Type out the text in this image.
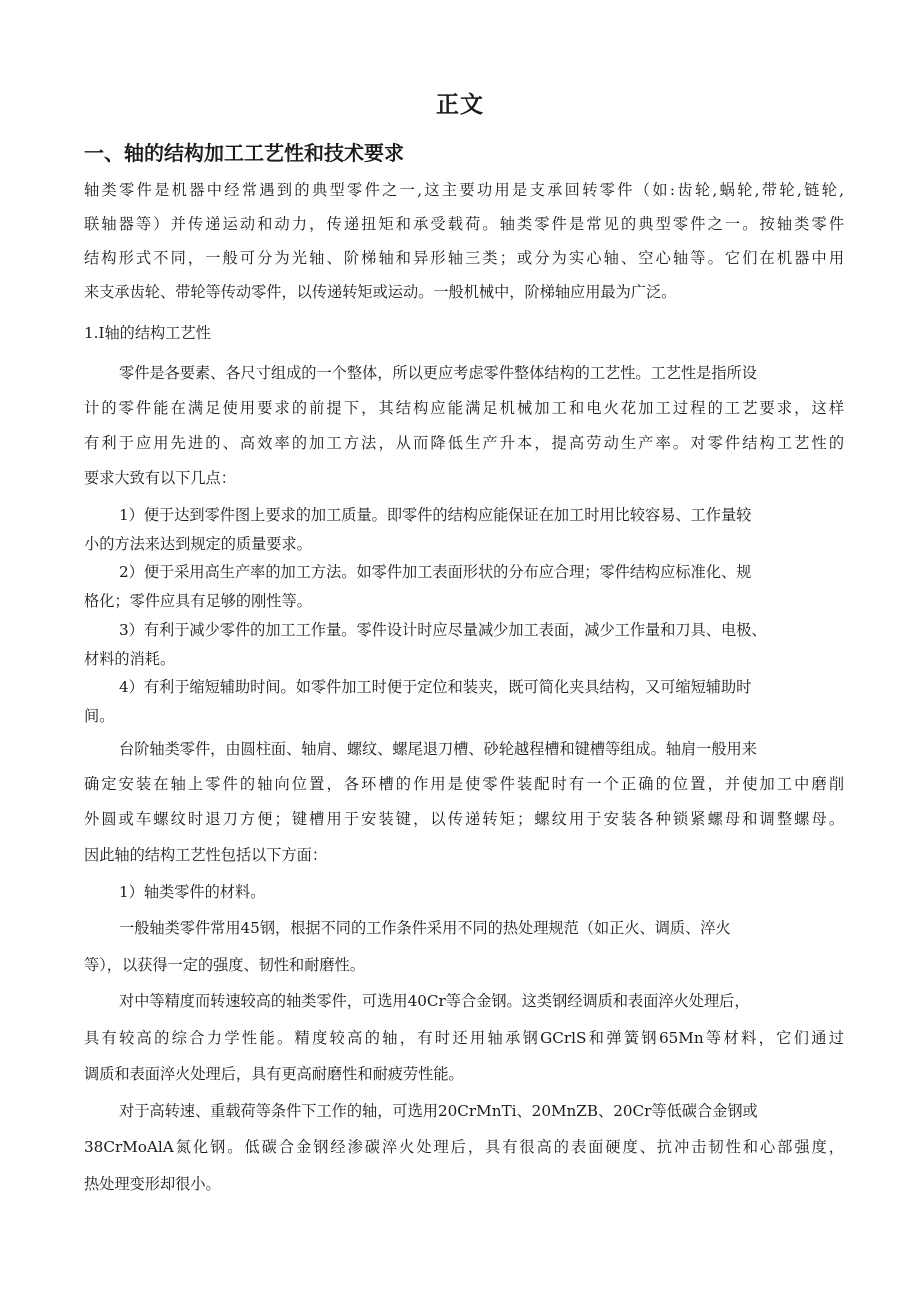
正文
一、轴的结构加工工艺性和技术要求
轴类零件是机器中经常遇到的典型零件之一,这主要功用是支承回转零件（如:齿轮,蜗轮,带轮,链轮,
联轴器等）并传递运动和动力，传递扭矩和承受载荷。轴类零件是常见的典型零件之一。按轴类零件
结构形式不同，一般可分为光轴、阶梯轴和异形轴三类；或分为实心轴、空心轴等。它们在机器中用
来支承齿轮、带轮等传动零件，以传递转矩或运动。一般机械中，阶梯轴应用最为广泛。
1.I轴的结构工艺性
零件是各要素、各尺寸组成的一个整体，所以更应考虑零件整体结构的工艺性。工艺性是指所设
计的零件能在满足使用要求的前提下，其结构应能满足机械加工和电火花加工过程的工艺要求，这样
有利于应用先进的、高效率的加工方法，从而降低生产升本，提高劳动生产率。对零件结构工艺性的
要求大致有以下几点：
1）便于达到零件图上要求的加工质量。即零件的结构应能保证在加工时用比较容易、工作量较
小的方法来达到规定的质量要求。
2）便于采用高生产率的加工方法。如零件加工表面形状的分布应合理；零件结构应标准化、规
格化；零件应具有足够的刚性等。
3）有利于减少零件的加工工作量。零件设计时应尽量减少加工表面，减少工作量和刀具、电极、
材料的消耗。
4）有利于缩短辅助时间。如零件加工时便于定位和装夹，既可简化夹具结构，又可缩短辅助时
间。
台阶轴类零件，由圆柱面、轴肩、螺纹、螺尾退刀槽、砂轮越程槽和键槽等组成。轴肩一般用来
确定安装在轴上零件的轴向位置，各环槽的作用是使零件装配时有一个正确的位置，并使加工中磨削
外圆或车螺纹时退刀方便；键槽用于安装键，以传递转矩；螺纹用于安装各种锁紧螺母和调整螺母。
因此轴的结构工艺性包括以下方面：
1）轴类零件的材料。
一般轴类零件常用45钢，根据不同的工作条件采用不同的热处理规范（如正火、调质、淬火
等），以获得一定的强度、韧性和耐磨性。
对中等精度而转速较高的轴类零件，可选用40Cr等合金钢。这类钢经调质和表面淬火处理后，
具有较高的综合力学性能。精度较高的轴，有时还用轴承钢GCrlS和弹簧钢65Mn等材料，它们通过
调质和表面淬火处理后，具有更高耐磨性和耐疲劳性能。
对于高转速、重载荷等条件下工作的轴，可选用20CrMnTi、20MnZB、20Cr等低碳合金钢或
38CrMoAlA氮化钢。低碳合金钢经渗碳淬火处理后，具有很高的表面硬度、抗冲击韧性和心部强度，
热处理变形却很小。
